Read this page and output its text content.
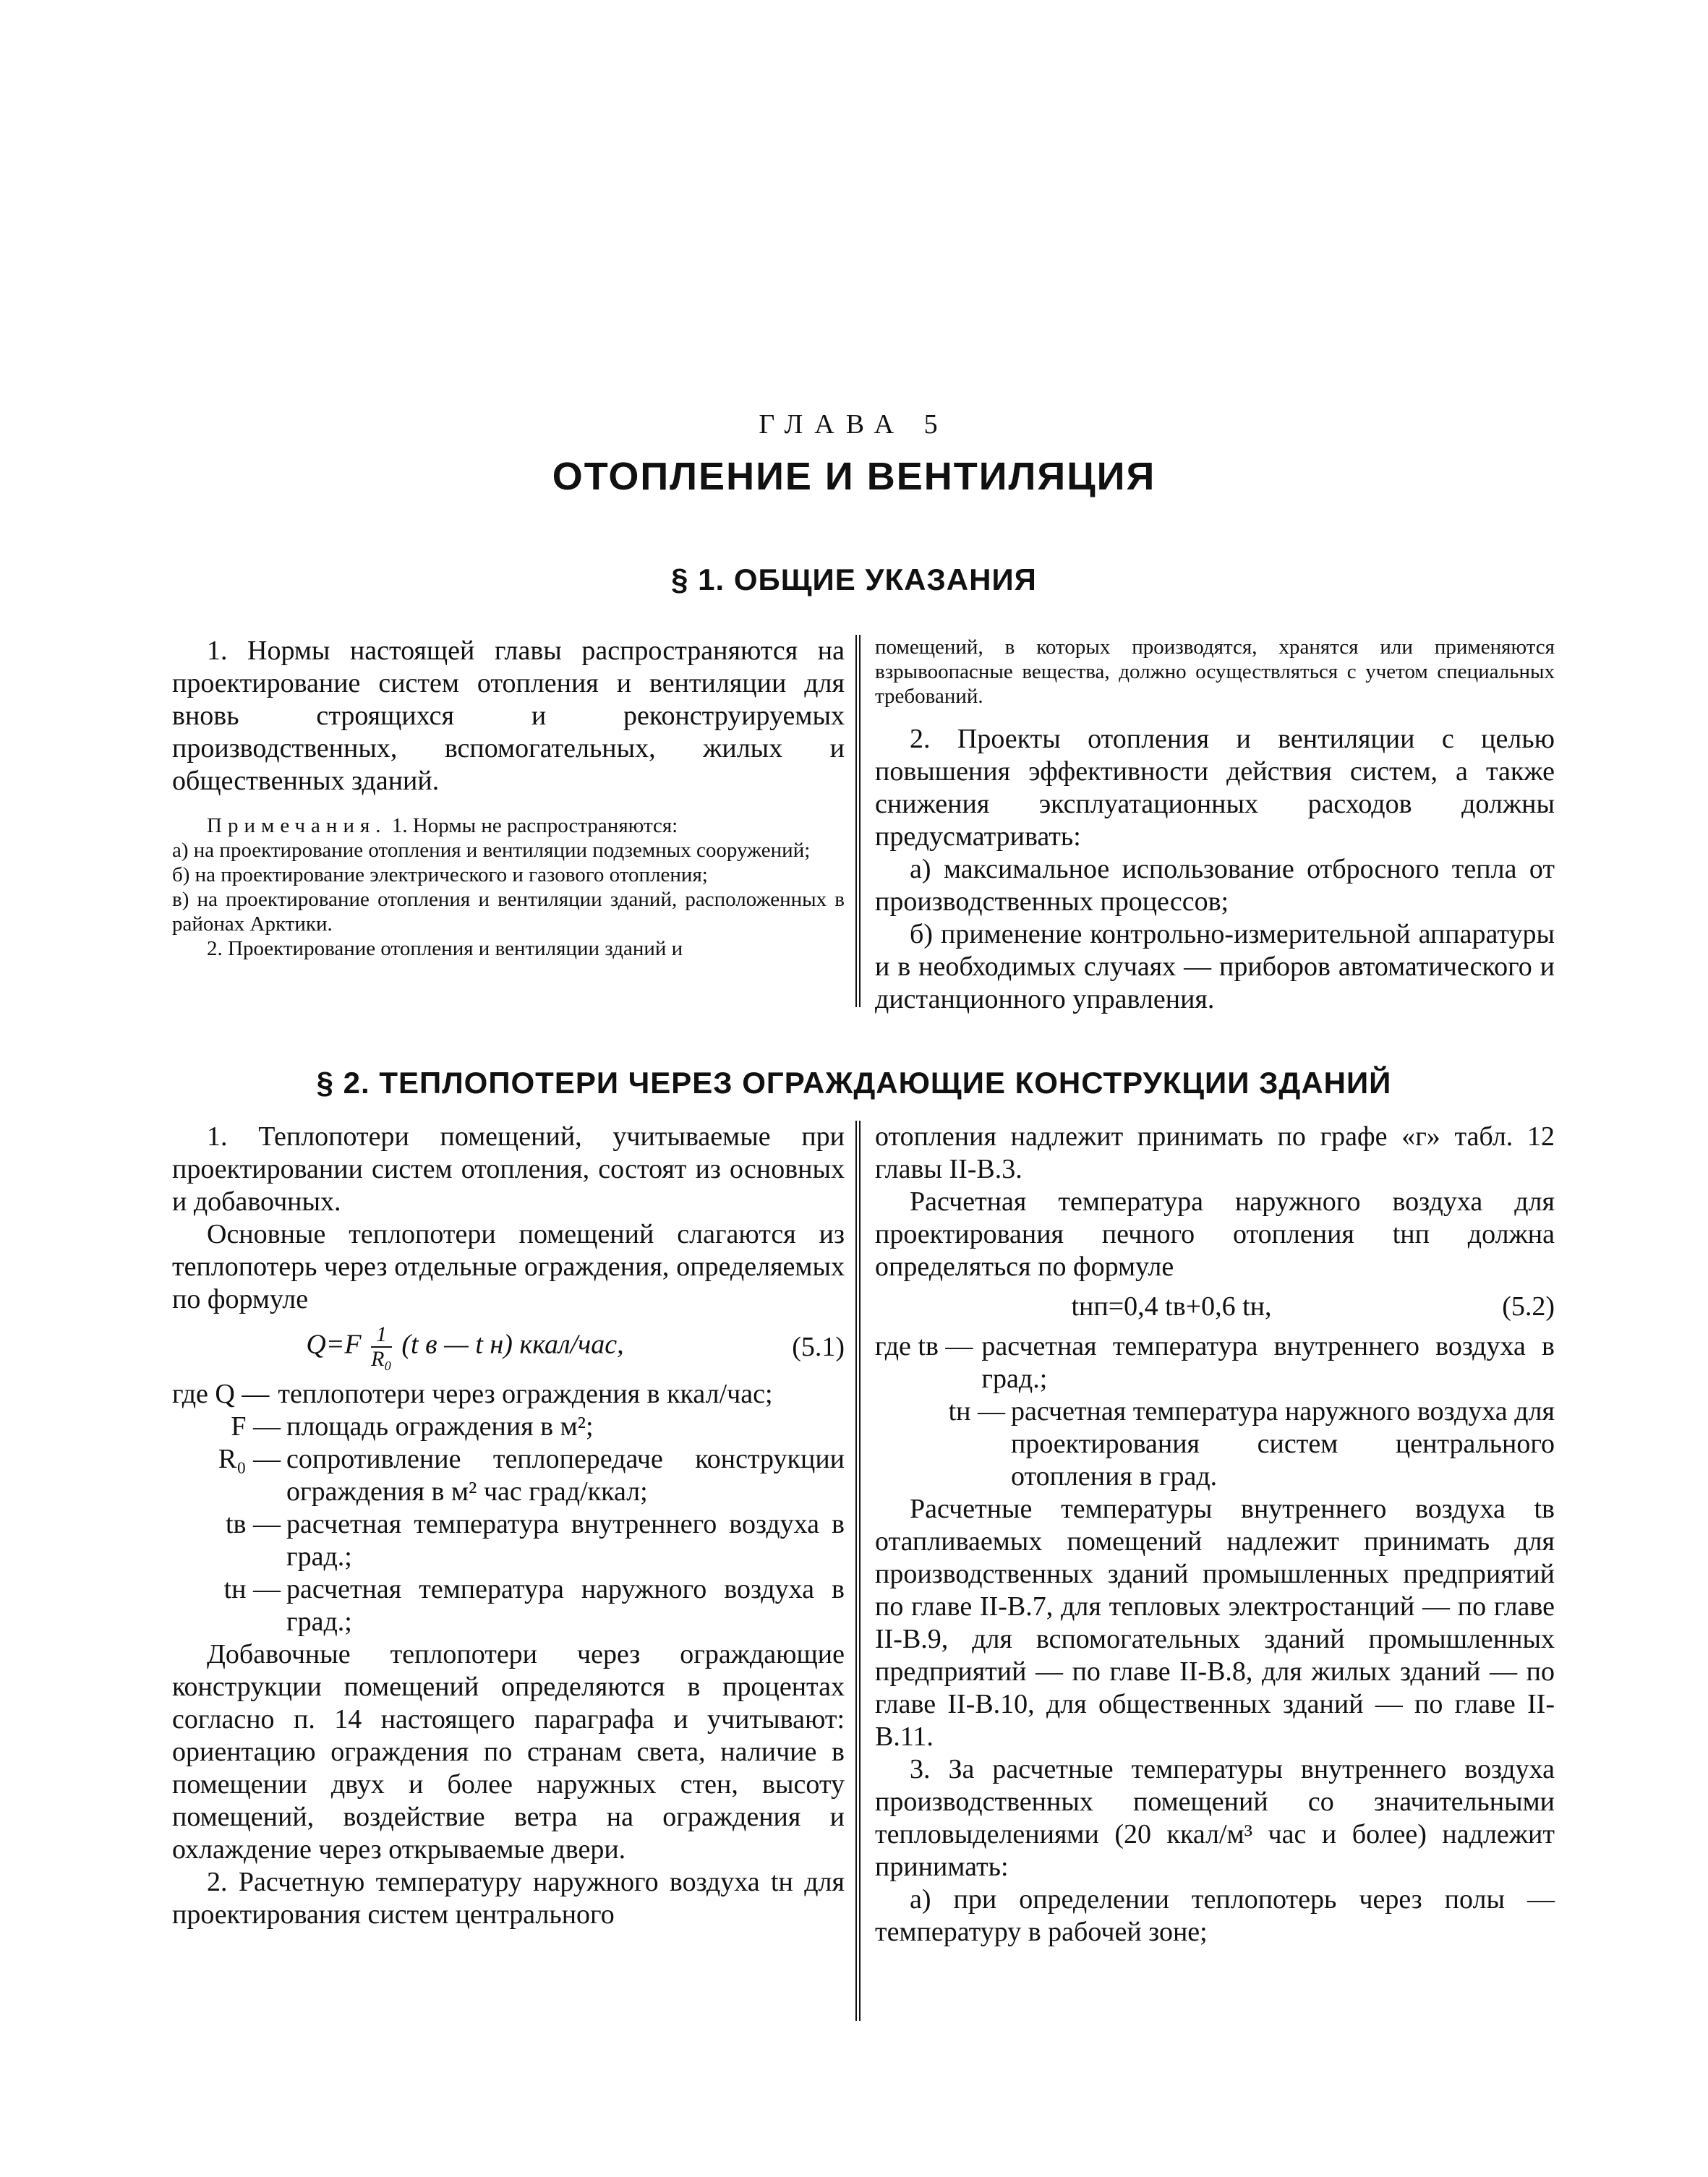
ГЛАВА 5
ОТОПЛЕНИЕ И ВЕНТИЛЯЦИЯ
§ 1. ОБЩИЕ УКАЗАНИЯ

1. Нормы настоящей главы распространяются на проектирование систем отопления и вентиляции для вновь строящихся и реконструируемых производственных, вспомогательных, жилых и общественных зданий.

Примечания. 1. Нормы не распространяются:

а) на проектирование отопления и вентиляции подземных сооружений;

б) на проектирование электрического и газового отопления;

в) на проектирование отопления и вентиляции зданий, расположенных в районах Арктики.

2. Проектирование отопления и вентиляции зданий и

помещений, в которых производятся, хранятся или применяются взрывоопасные вещества, должно осуществляться с учетом специальных требований.

2. Проекты отопления и вентиляции с целью повышения эффективности действия систем, а также снижения эксплуатационных расходов должны предусматривать:

а) максимальное использование отбросного тепла от производственных процессов;

б) применение контрольно-измерительной аппаратуры и в необходимых случаях — приборов автоматического и дистанционного управления.

§ 2. ТЕПЛОПОТЕРИ ЧЕРЕЗ ОГРАЖДАЮЩИЕ КОНСТРУКЦИИ ЗДАНИЙ

1. Теплопотери помещений, учитываемые при проектировании систем отопления, состоят из основных и добавочных.

Основные теплопотери помещений слагаются из теплопотерь через отдельные ограждения, определяемых по формуле

$Q=F \frac{1}{\text{R₀}} (t$ в — t н) ккал/час,	(5.1)
где Q — теплопотери через ограждения в ккал/час;
F — площадь ограждения в м²;
R₀ — сопротивление теплопередаче конструкции ограждения в м² час град/ккал;
tв — расчетная температура внутреннего воздуха в град.;
tн — расчетная температура наружного воздуха в град.;

Добавочные теплопотери через ограждающие конструкции помещений определяются в процентах согласно п. 14 настоящего параграфа и учитывают: ориентацию ограждения по странам света, наличие в помещении двух и более наружных стен, высоту помещений, воздействие ветра на ограждения и охлаждение через открываемые двери.

2. Расчетную температуру наружного воздуха tн для проектирования систем центрального

отопления надлежит принимать по графе «г» табл. 12 главы II-В.3.

Расчетная температура наружного воздуха для проектирования печного отопления tнп должна определяться по формуле

tнп=0,4 tв+0,6 tн,	(5.2)
где tв — расчетная температура внутреннего воздуха в град.;
tн — расчетная температура наружного воздуха для проектирования систем центрального отопления в град.

Расчетные температуры внутреннего воздуха tв отапливаемых помещений надлежит принимать для производственных зданий промышленных предприятий по главе II-В.7, для тепловых электростанций — по главе II-В.9, для вспомогательных зданий промышленных предприятий — по главе II-В.8, для жилых зданий — по главе II-В.10, для общественных зданий — по главе II-В.11.

3. За расчетные температуры внутреннего воздуха производственных помещений со значительными тепловыделениями (20 ккал/м³ час и более) надлежит принимать:

а) при определении теплопотерь через полы — температуру в рабочей зоне;
